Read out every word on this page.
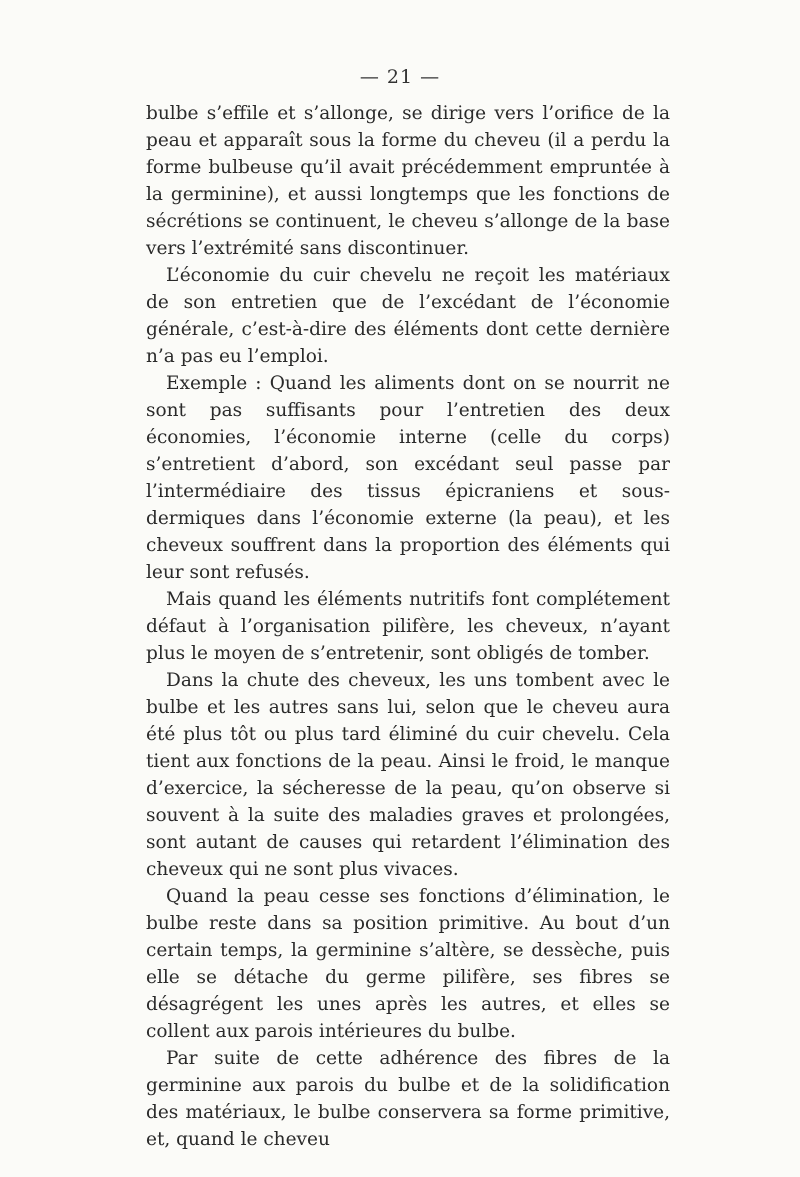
— 21 —

bulbe s’effile et s’allonge, se dirige vers l’orifice de la peau et apparaît sous la forme du cheveu (il a perdu la forme bulbeuse qu’il avait précédemment empruntée à la germinine), et aussi longtemps que les fonctions de sécrétions se continuent, le cheveu s’allonge de la base vers l’extrémité sans discontinuer.

L’économie du cuir chevelu ne reçoit les matériaux de son entretien que de l’excédant de l’économie générale, c’est-à-dire des éléments dont cette dernière n’a pas eu l’emploi.

Exemple : Quand les aliments dont on se nourrit ne sont pas suffisants pour l’entretien des deux économies, l’économie interne (celle du corps) s’entretient d’abord, son excédant seul passe par l’intermédiaire des tissus épicraniens et sous-dermiques dans l’économie externe (la peau), et les cheveux souffrent dans la proportion des éléments qui leur sont refusés.

Mais quand les éléments nutritifs font complétement défaut à l’organisation pilifère, les cheveux, n’ayant plus le moyen de s’entretenir, sont obligés de tomber.

Dans la chute des cheveux, les uns tombent avec le bulbe et les autres sans lui, selon que le cheveu aura été plus tôt ou plus tard éliminé du cuir chevelu. Cela tient aux fonctions de la peau. Ainsi le froid, le manque d’exercice, la sécheresse de la peau, qu’on observe si souvent à la suite des maladies graves et prolongées, sont autant de causes qui retardent l’élimination des cheveux qui ne sont plus vivaces.

Quand la peau cesse ses fonctions d’élimination, le bulbe reste dans sa position primitive. Au bout d’un certain temps, la germinine s’altère, se dessèche, puis elle se détache du germe pilifère, ses fibres se désagrégent les unes après les autres, et elles se collent aux parois intérieures du bulbe.

Par suite de cette adhérence des fibres de la germinine aux parois du bulbe et de la solidification des matériaux, le bulbe conservera sa forme primitive, et, quand le cheveu
